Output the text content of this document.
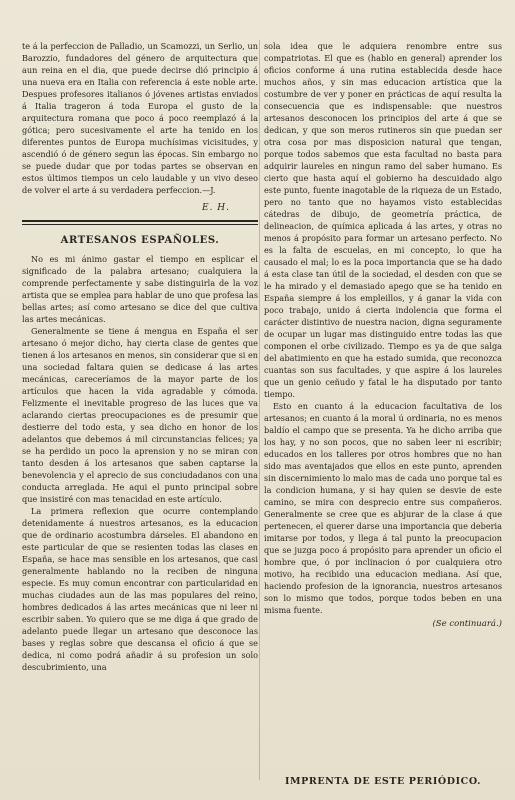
te á la perfeccion de Palladio, un Scamozzi, un Serlio, un Barozzio, fundadores del género de arquitectura que aun reina en el dia, que puede decirse dió principio á una nueva era en Italia con referencia á este noble arte. Despues profesores italianos ó jóvenes artistas enviados á Italia trageron á toda Europa el gusto de la arquitectura romana que poco á poco reemplazó á la gótica; pero sucesivamente el arte ha tenido en los diferentes puntos de Europa muchísimas vicisitudes, y ascendió ó de género segun las épocas. Sin embargo no se puede dudar que por todas partes se observan en estos últimos tiempos un celo laudable y un vivo deseo de volver el arte á su verdadera perfeccion.—J.

E. H.
ARTESANOS ESPAÑOLES.

No es mi ánimo gastar el tiempo en esplicar el significado de la palabra artesano; cualquiera la comprende perfectamente y sabe distinguirla de la voz artista que se emplea para hablar de uno que profesa las bellas artes; así como artesano se dice del que cultiva las artes mecánicas.

Generalmente se tiene á mengua en España el ser artesano ó mejor dicho, hay cierta clase de gentes que tienen á los artesanos en menos, sin considerar que si en una sociedad faltara quien se dedicase á las artes mecánicas, careceríamos de la mayor parte de los artículos que hacen la vida agradable y cómoda. Felizmente el inevitable progreso de las luces que va aclarando ciertas preocupaciones es de presumir que destierre del todo esta, y sea dicho en honor de los adelantos que debemos á mil circunstancias felices; ya se ha perdido un poco la aprension y no se miran con tanto desden á los artesanos que saben captarse la benevolencia y el aprecio de sus conciudadanos con una conducta arreglada. He aqui el punto principal sobre que insistiré con mas tenacidad en este artículo.

La primera reflexion que ocurre contemplando detenidamente á nuestros artesanos, es la educacion que de ordinario acostumbra dárseles. El abandono en este particular de que se resienten todas las clases en España, se hace mas sensible en los artesanos, que casi generalmente hablando no la reciben de ninguna especie. Es muy comun encontrar con particularidad en muchas ciudades aun de las mas populares del reino, hombres dedicados á las artes mecánicas que ni leer ni escribir saben. Yo quiero que se me diga á que grado de adelanto puede llegar un artesano que desconoce las bases y reglas sobre que descansa el oficio á que se dedica, ni como podrá añadir á su profesion un solo descubrimiento, una

sola idea que le adquiera renombre entre sus compatriotas. El que es (hablo en general) aprender los oficios conforme á una rutina establecida desde hace muchos años, y sin mas educacion artística que la costumbre de ver y poner en prácticas de aquí resulta la consecuencia que es indispensable: que nuestros artesanos desconocen los principios del arte á que se dedican, y que son meros rutineros sin que puedan ser otra cosa por mas disposicion natural que tengan, porque todos sabemos que esta facultad no basta para adquirir laureles en ningun ramo del saber humano. Es cierto que hasta aquí el gobierno ha descuidado algo este punto, fuente inagotable de la riqueza de un Estado, pero no tanto que no hayamos visto establecidas cátedras de dibujo, de geometría práctica, de delineacion, de química aplicada á las artes, y otras no menos á propósito para formar un artesano perfecto. No es la falta de escuelas, en mi concepto, lo que ha causado el mal; lo es la poca importancia que se ha dado á esta clase tan útil de la sociedad, el desden con que se le ha mirado y el demasiado apego que se ha tenido en España siempre á los empleillos, y á ganar la vida con poco trabajo, unido á cierta indolencia que forma el carácter distintivo de nuestra nacion, digna seguramente de ocupar un lugar mas distinguido entre todas las que componen el orbe civilizado. Tiempo es ya de que salga del abatimiento en que ha estado sumida, que reconozca cuantas son sus facultades, y que aspire á los laureles que un genio ceñudo y fatal le ha disputado por tanto tiempo.

Esto en cuanto á la educacion facultativa de los artesanos; en cuanto á la moral ú ordinaria, no es menos baldío el campo que se presenta. Ya he dicho arriba que los hay, y no son pocos, que no saben leer ni escribir; educados en los talleres por otros hombres que no han sido mas aventajados que ellos en este punto, aprenden sin discernimiento lo malo mas de cada uno porque tal es la condicion humana, y si hay quien se desvie de este camino, se mira con desprecio entre sus compañeros. Generalmente se cree que es abjurar de la clase á que pertenecen, el querer darse una importancia que deberia imitarse por todos, y llega á tal punto la preocupacion que se juzga poco á propósito para aprender un oficio el hombre que, ó por inclinacion ó por cualquiera otro motivo, ha recibido una educacion mediana. Así que, haciendo profesion de la ignorancia, nuestros artesanos son lo mismo que todos, porque todos beben en una misma fuente.

(Se continuará.)
IMPRENTA DE ESTE PERIÓDICO.
